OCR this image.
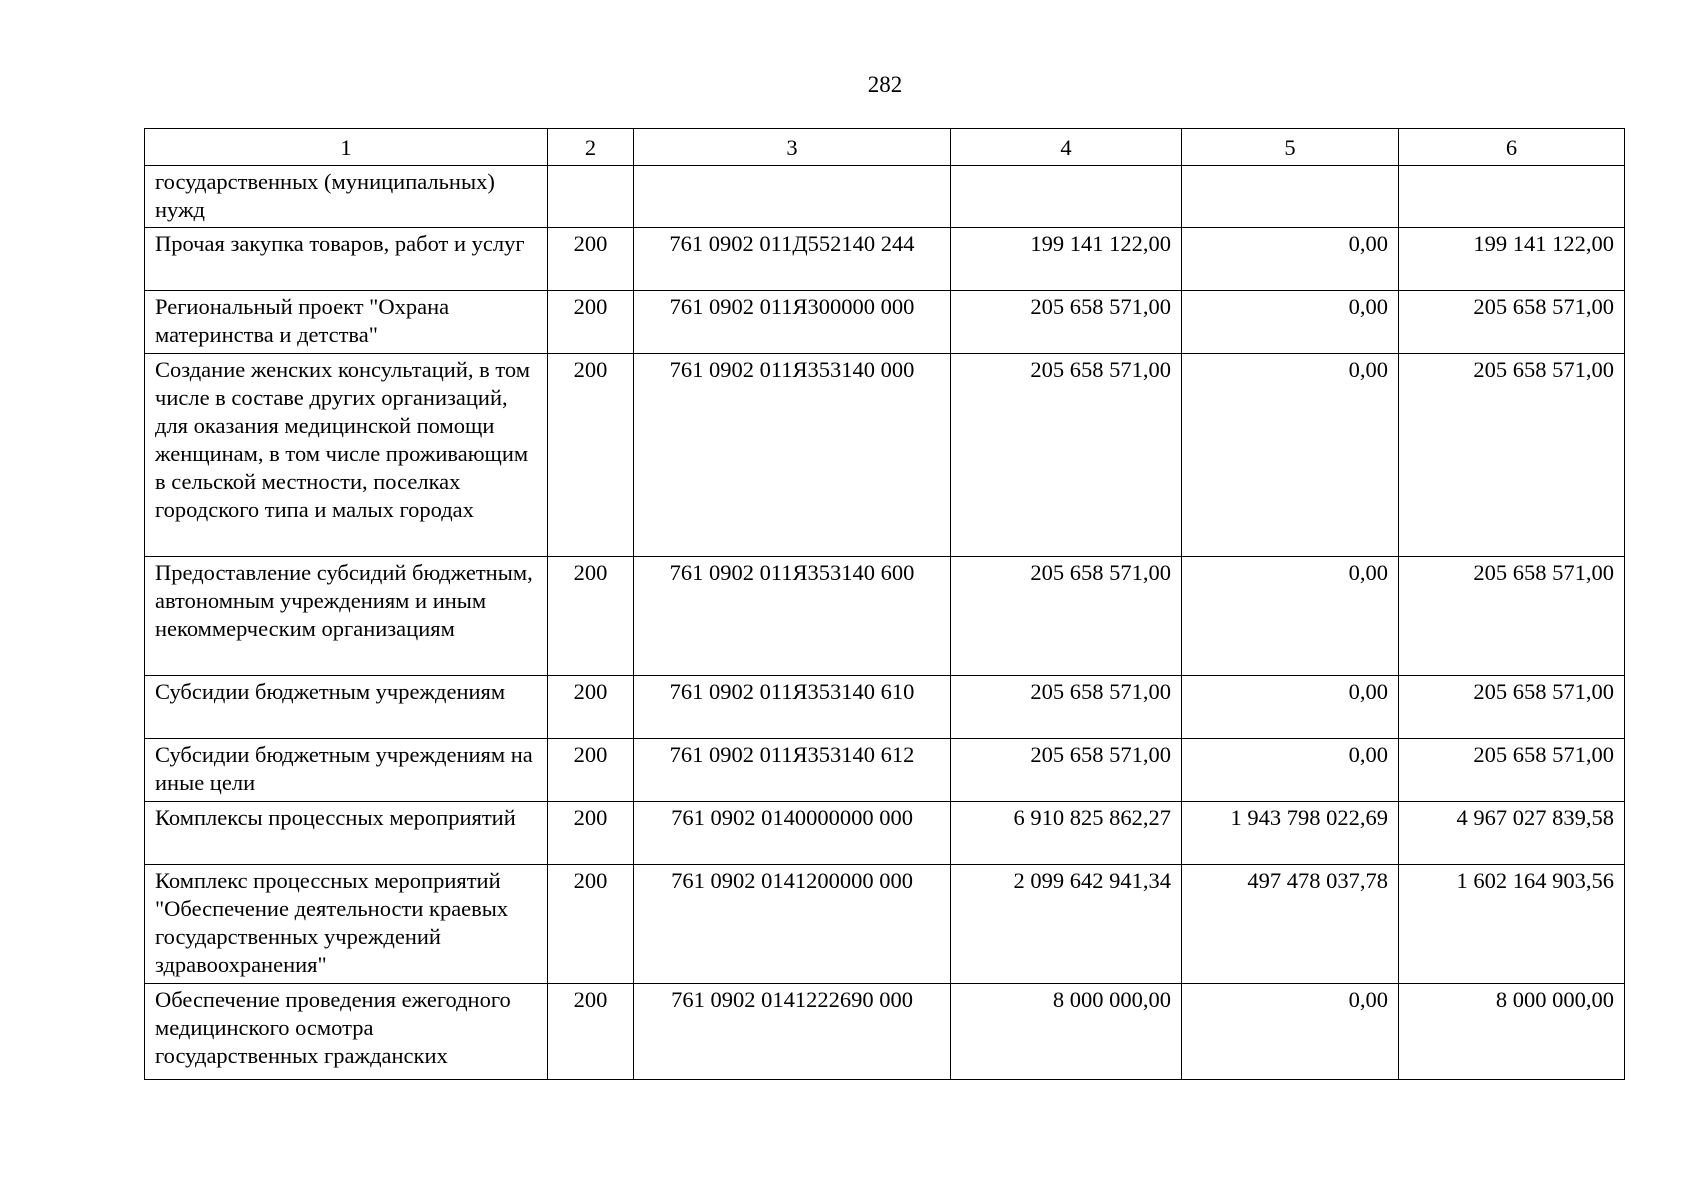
282
1	2	3	4	5	6
государственных (муниципальных) нужд					
Прочая закупка товаров, работ и услуг	200	761 0902 011Д552140 244	199 141 122,00	0,00	199 141 122,00
Региональный проект "Охрана материнства и детства"	200	761 0902 011Я300000 000	205 658 571,00	0,00	205 658 571,00
Создание женских консультаций, в том числе в составе других организаций, для оказания медицинской помощи женщинам, в том числе проживающим в сельской местности, поселках городского типа и малых городах	200	761 0902 011Я353140 000	205 658 571,00	0,00	205 658 571,00
Предоставление субсидий бюджетным, автономным учреждениям и иным некоммерческим организациям	200	761 0902 011Я353140 600	205 658 571,00	0,00	205 658 571,00
Субсидии бюджетным учреждениям	200	761 0902 011Я353140 610	205 658 571,00	0,00	205 658 571,00
Субсидии бюджетным учреждениям на иные цели	200	761 0902 011Я353140 612	205 658 571,00	0,00	205 658 571,00
Комплексы процессных мероприятий	200	761 0902 0140000000 000	6 910 825 862,27	1 943 798 022,69	4 967 027 839,58
Комплекс процессных мероприятий "Обеспечение деятельности краевых государственных учреждений здравоохранения"	200	761 0902 0141200000 000	2 099 642 941,34	497 478 037,78	1 602 164 903,56
Обеспечение проведения ежегодного медицинского осмотра государственных гражданских	200	761 0902 0141222690 000	8 000 000,00	0,00	8 000 000,00
